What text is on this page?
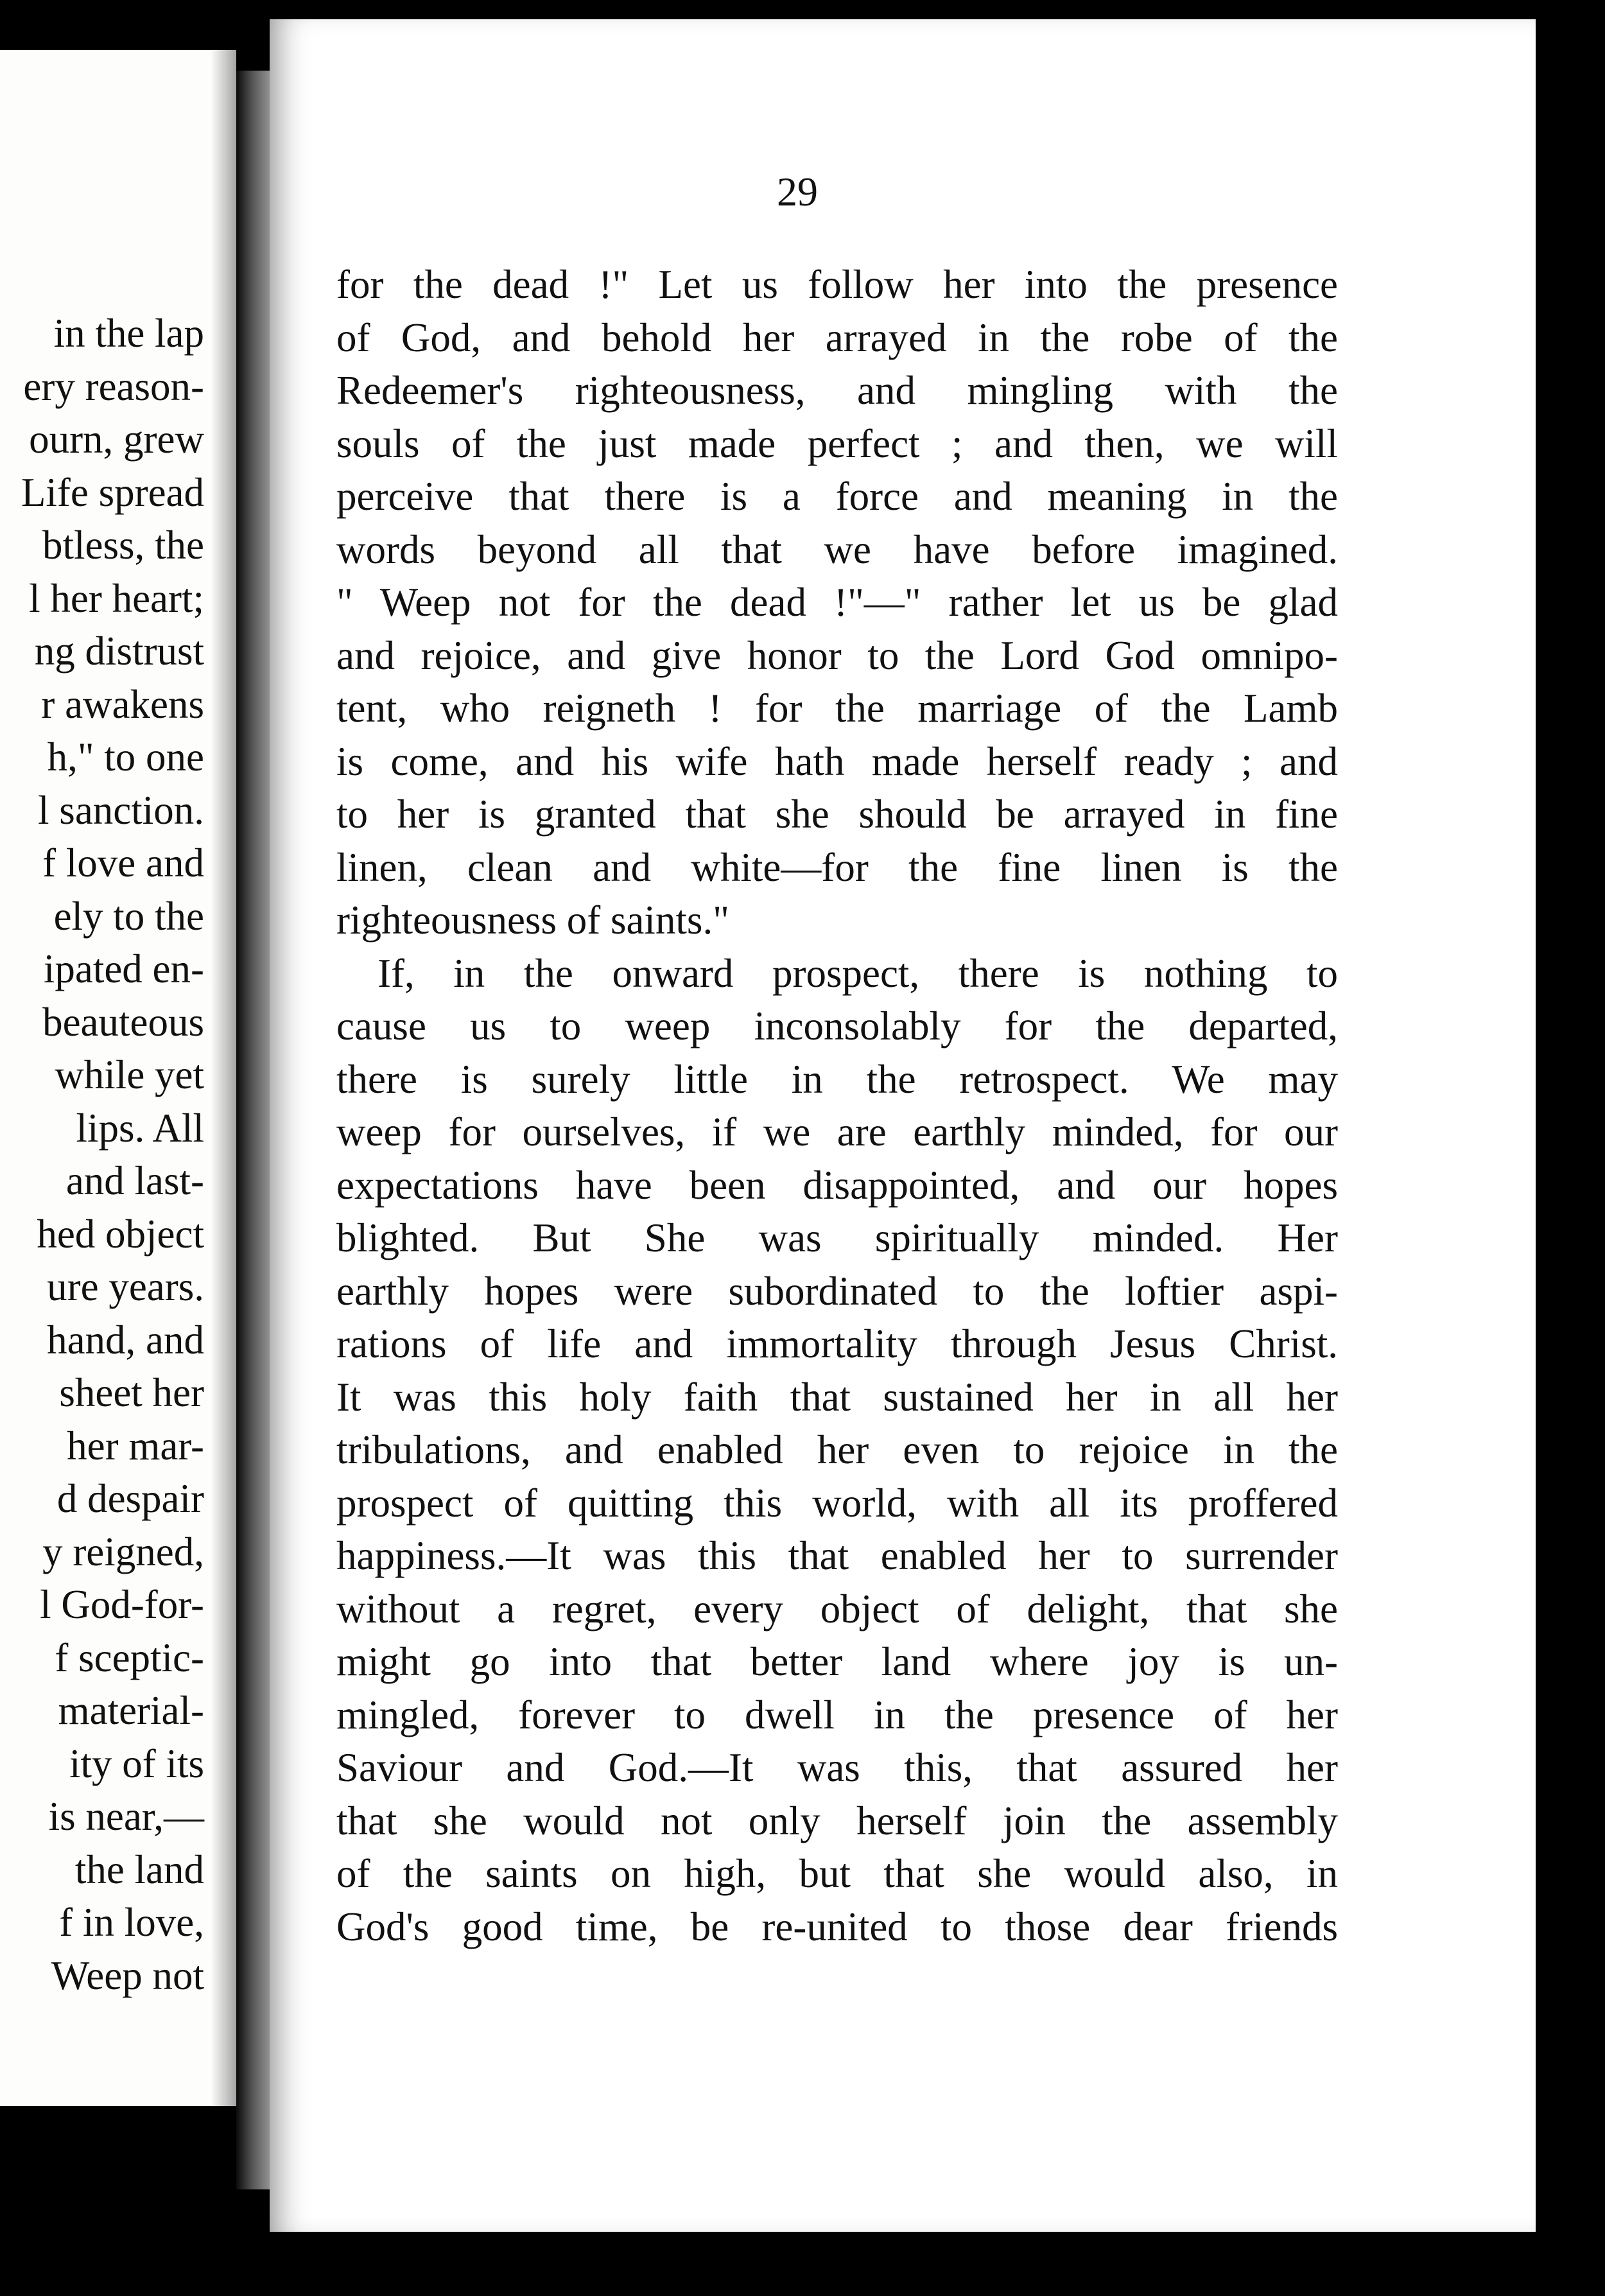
in the lap
ery reason-
ourn, grew
Life spread
btless, the
l her heart;
ng distrust
r awakens
h," to one
l sanction.
f love and
ely to the
ipated en-
beauteous
while yet
lips. All
and last-
hed object
ure years.
hand, and
sheet her
her mar-
d despair
y reigned,
l God-for-
f sceptic-
material-
ity of its
is near,—
the land
f in love,
Weep not
29
for the dead !" Let us follow her into the presence
of God, and behold her arrayed in the robe of the
Redeemer's righteousness, and mingling with the
souls of the just made perfect ; and then, we will
perceive that there is a force and meaning in the
words beyond all that we have before imagined.
" Weep not for the dead !"—" rather let us be glad
and rejoice, and give honor to the Lord God omnipo-
tent, who reigneth ! for the marriage of the Lamb
is come, and his wife hath made herself ready ; and
to her is granted that she should be arrayed in fine
linen, clean and white—for the fine linen is the
righteousness of saints."
If, in the onward prospect, there is nothing to
cause us to weep inconsolably for the departed,
there is surely little in the retrospect. We may
weep for ourselves, if we are earthly minded, for our
expectations have been disappointed, and our hopes
blighted. But She was spiritually minded. Her
earthly hopes were subordinated to the loftier aspi-
rations of life and immortality through Jesus Christ.
It was this holy faith that sustained her in all her
tribulations, and enabled her even to rejoice in the
prospect of quitting this world, with all its proffered
happiness.—It was this that enabled her to surrender
without a regret, every object of delight, that she
might go into that better land where joy is un-
mingled, forever to dwell in the presence of her
Saviour and God.—It was this, that assured her
that she would not only herself join the assembly
of the saints on high, but that she would also, in
God's good time, be re-united to those dear friends
